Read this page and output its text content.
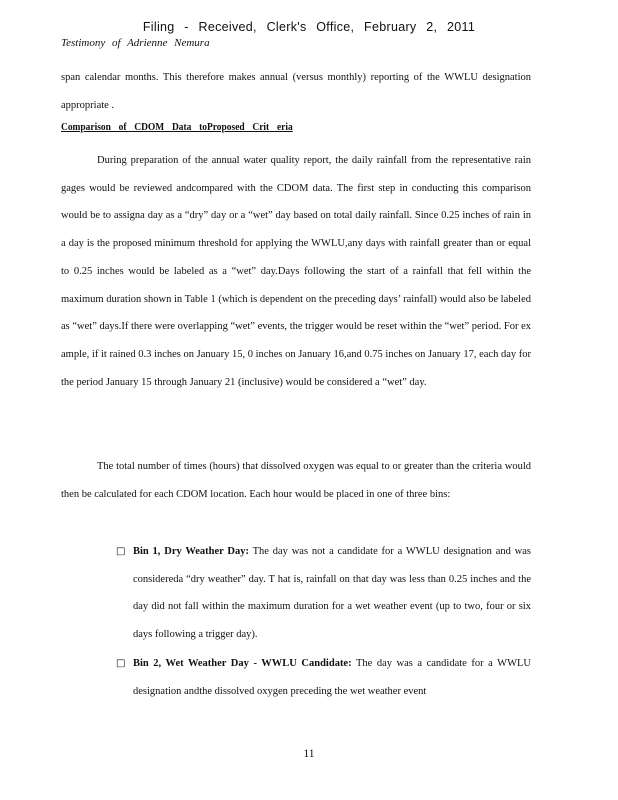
Filing - Received, Clerk's Office, February 2, 2011
Testimony of Adrienne Nemura
span calendar months. This therefore makes annual (versus monthly) reporting of the WWLU designation appropriate .
Comparison of CDOM Data toProposed Crit eria
During preparation of the annual water quality report, the daily rainfall from the representative rain gages would be reviewed andcompared with the CDOM data. The first step in conducting this comparison would be to assigna day as a “dry” day or a “wet” day based on total daily rainfall. Since 0.25 inches of rain in a day is the proposed minimum threshold for applying the WWLU,any days with rainfall greater than or equal to 0.25 inches would be labeled as a “wet” day.Days following the start of a rainfall that fell within the maximum duration shown in Table 1 (which is dependent on the preceding days’ rainfall) would also be labeled as “wet” days.If there were overlapping “wet” events, the trigger would be reset within the “wet” period. For ex ample, if it rained 0.3 inches on January 15, 0 inches on January 16,and 0.75 inches on January 17, each day for the period January 15 through January 21 (inclusive) would be considered a “wet” day.
The total number of times (hours) that dissolved oxygen was equal to or greater than the criteria would then be calculated for each CDOM location. Each hour would be placed in one of three bins:
□ Bin 1, Dry Weather Day: The day was not a candidate for a WWLU designation and was considereda “dry weather” day. T hat is, rainfall on that day was less than 0.25 inches and the day did not fall within the maximum duration for a wet weather event (up to two, four or six days following a trigger day).
□ Bin 2, Wet Weather Day - WWLU Candidate: The day was a candidate for a WWLU designation andthe dissolved oxygen preceding the wet weather event
11
